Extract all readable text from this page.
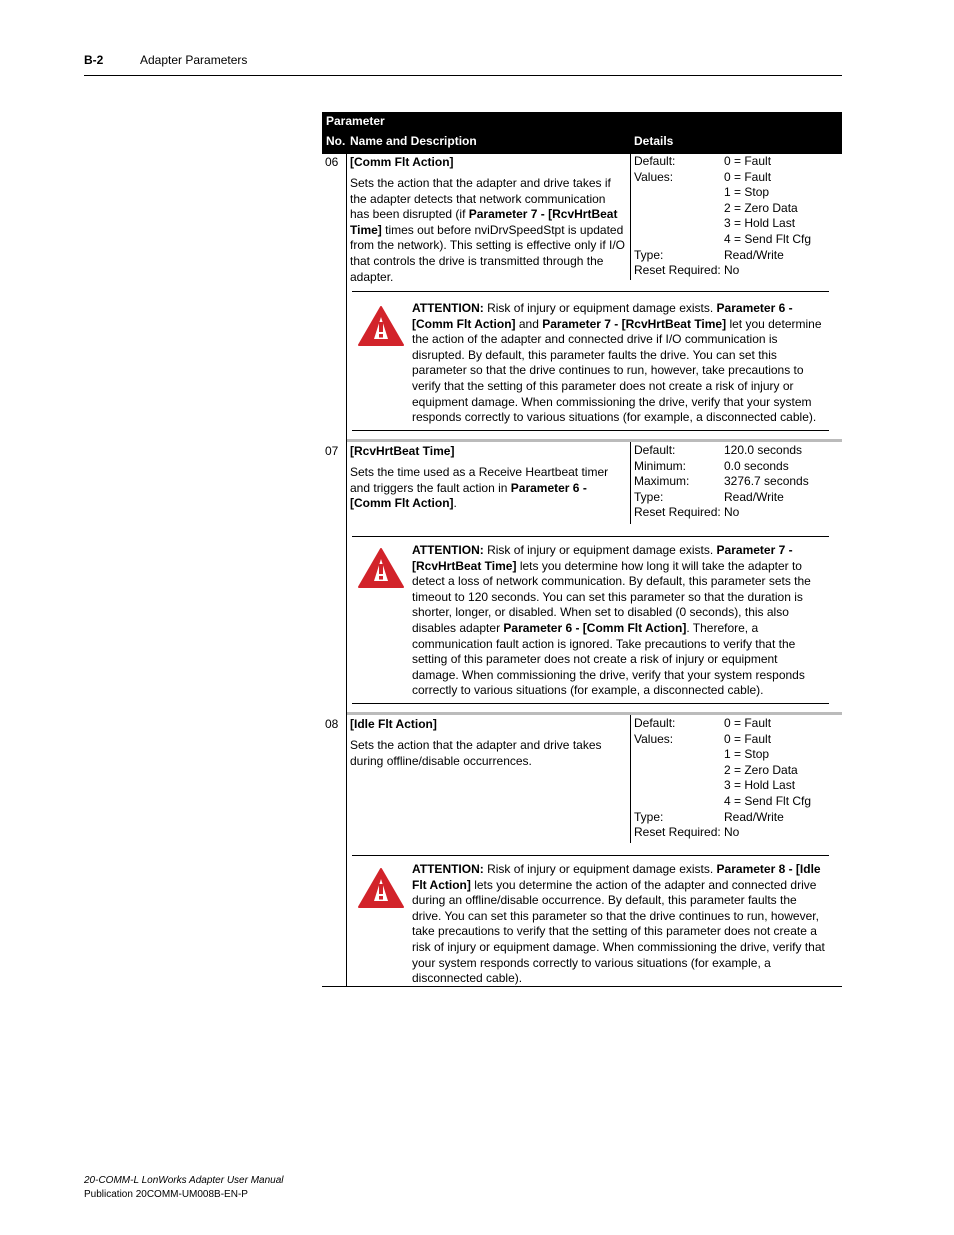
B-2	Adapter Parameters
Parameter
No. Name and Description	Details
06 [Comm Flt Action]
Sets the action that the adapter and drive takes if the adapter detects that network communication has been disrupted (if Parameter 7 - [RcvHrtBeat Time] times out before nviDrvSpeedStpt is updated from the network). This setting is effective only if I/O that controls the drive is transmitted through the adapter.
Default:
Values:

Type:
Reset Required:
0 = Fault
0 = Fault
1 = Stop
2 = Zero Data
3 = Hold Last
4 = Send Flt Cfg
Read/Write
No
ATTENTION: Risk of injury or equipment damage exists. Parameter 6 - [Comm Flt Action] and Parameter 7 - [RcvHrtBeat Time] let you determine the action of the adapter and connected drive if I/O communication is disrupted. By default, this parameter faults the drive. You can set this parameter so that the drive continues to run, however, take precautions to verify that the setting of this parameter does not create a risk of injury or equipment damage. When commissioning the drive, verify that your system responds correctly to various situations (for example, a disconnected cable).
07 [RcvHrtBeat Time]
Sets the time used as a Receive Heartbeat timer and triggers the fault action in Parameter 6 - [Comm Flt Action].
Default:
Minimum:
Maximum:
Type:
Reset Required:
120.0 seconds
0.0 seconds
3276.7 seconds
Read/Write
No
ATTENTION: Risk of injury or equipment damage exists. Parameter 7 - [RcvHrtBeat Time] lets you determine how long it will take the adapter to detect a loss of network communication. By default, this parameter sets the timeout to 120 seconds. You can set this parameter so that the duration is shorter, longer, or disabled. When set to disabled (0 seconds), this also disables adapter Parameter 6 - [Comm Flt Action]. Therefore, a communication fault action is ignored. Take precautions to verify that the setting of this parameter does not create a risk of injury or equipment damage. When commissioning the drive, verify that your system responds correctly to various situations (for example, a disconnected cable).
08 [Idle Flt Action]
Sets the action that the adapter and drive takes during offline/disable occurrences.
Default:
Values:

Type:
Reset Required:
0 = Fault
0 = Fault
1 = Stop
2 = Zero Data
3 = Hold Last
4 = Send Flt Cfg
Read/Write
No
ATTENTION: Risk of injury or equipment damage exists. Parameter 8 - [Idle Flt Action] lets you determine the action of the adapter and connected drive during an offline/disable occurrence. By default, this parameter faults the drive. You can set this parameter so that the drive continues to run, however, take precautions to verify that the setting of this parameter does not create a risk of injury or equipment damage. When commissioning the drive, verify that your system responds correctly to various situations (for example, a disconnected cable).
20-COMM-L LonWorks Adapter User Manual
Publication 20COMM-UM008B-EN-P
